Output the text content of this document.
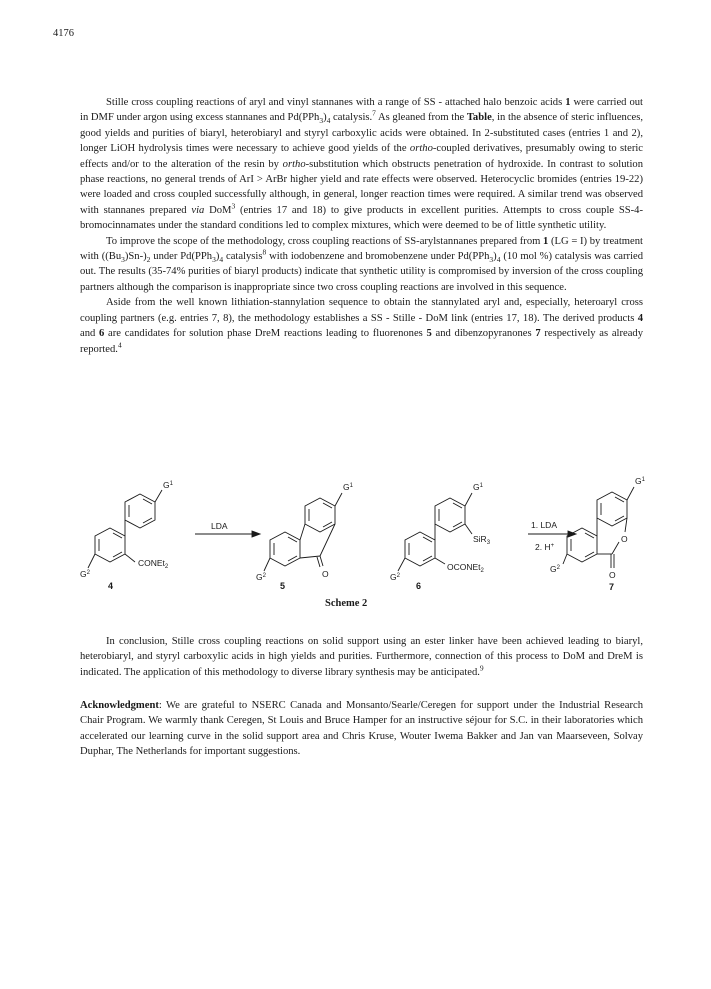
4176

Stille cross coupling reactions of aryl and vinyl stannanes with a range of SS - attached halo benzoic acids 1 were carried out in DMF under argon using excess stannanes and $Pd(PPh_3)_4$ catalysis.$^7$ As gleaned from the Table, in the absence of steric influences, good yields and purities of biaryl, heterobiaryl and styryl carboxylic acids were obtained. In 2-substituted cases (entries 1 and 2), longer LiOH hydrolysis times were necessary to achieve good yields of the ortho-coupled derivatives, presumably owing to steric effects and/or to the alteration of the resin by ortho-substitution which obstructs penetration of hydroxide. In contrast to solution phase reactions, no general trends of ArI > ArBr higher yield and rate effects were observed. Heterocyclic bromides (entries 19-22) were loaded and cross coupled successfully although, in general, longer reaction times were required. A similar trend was observed with stannanes prepared via DoM$^3$ (entries 17 and 18) to give products in excellent purities. Attempts to cross couple SS-4-bromocinnamates under the standard conditions led to complex mixtures, which were deemed to be of little synthetic utility.

To improve the scope of the methodology, cross coupling reactions of SS-arylstannanes prepared from 1 (LG = I) by treatment with $((Bu_3)Sn-)_2$ under $Pd(PPh_3)_4$ catalysis$^8$ with iodobenzene and bromobenzene under $Pd(PPh_3)_4$ (10 mol %) catalysis was carried out. The results (35-74% purities of biaryl products) indicate that synthetic utility is compromised by inversion of the cross coupling partners although the comparison is inappropriate since two cross coupling reactions are involved in this sequence.

Aside from the well known lithiation-stannylation sequence to obtain the stannylated aryl and, especially, heteroaryl cross coupling partners (e.g. entries 7, 8), the methodology establishes a SS - Stille - DoM link (entries 17, 18). The derived products 4 and 6 are candidates for solution phase DreM reactions leading to fluorenones 5 and dibenzopyranones 7 respectively as already reported.$^4$

$G^1$
CONEt$_2$
$G^2$
4
LDA
$G^1$
O
$G^2$
5
$G^1$
SiR$_3$
OCONEt$_2$
$G^2$
6
1. LDA
2. H+
$G^1$
O
O
$G^2$
7
Scheme 2

In conclusion, Stille cross coupling reactions on solid support using an ester linker have been achieved leading to biaryl, heterobiaryl, and styryl carboxylic acids in high yields and purities. Furthermore, connection of this process to DoM and DreM is indicated. The application of this methodology to diverse library synthesis may be anticipated.$^9$

Acknowledgment: We are grateful to NSERC Canada and Monsanto/Searle/Ceregen for support under the Industrial Research Chair Program. We warmly thank Ceregen, St Louis and Bruce Hamper for an instructive séjour for S.C. in their laboratories which accelerated our learning curve in the solid support area and Chris Kruse, Wouter Iwema Bakker and Jan van Maarseveen, Solvay Duphar, The Netherlands for important suggestions.
